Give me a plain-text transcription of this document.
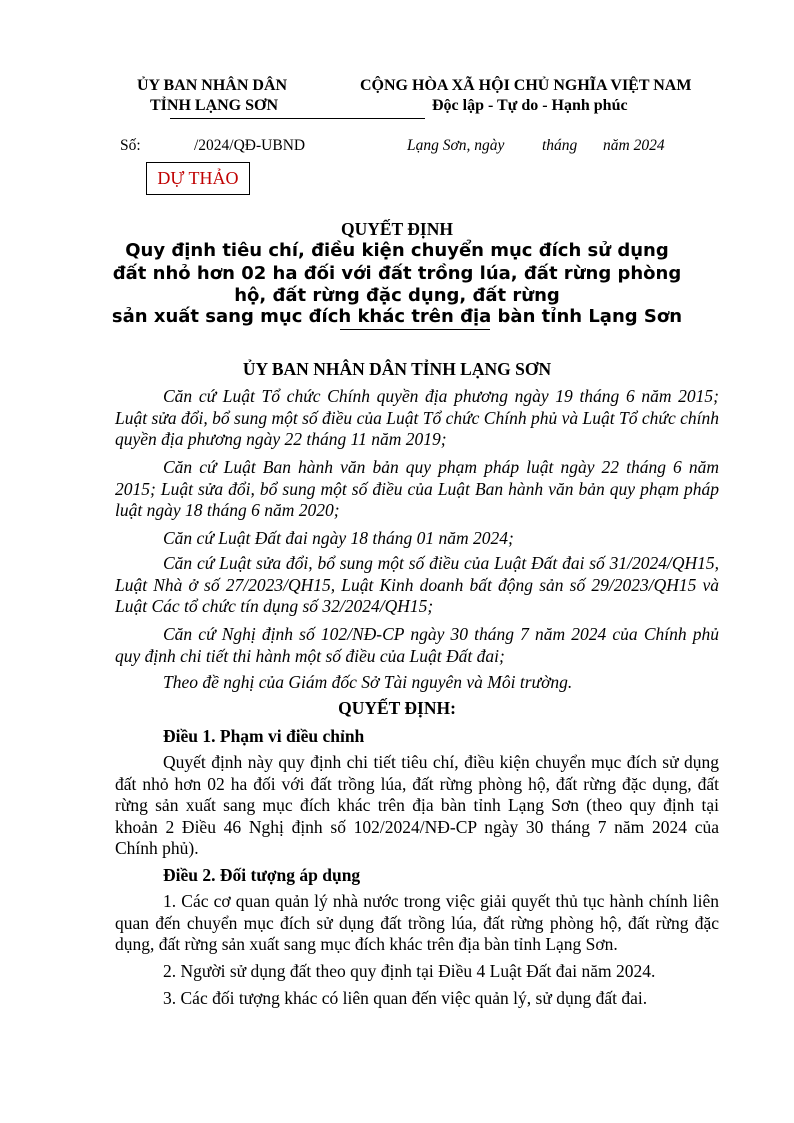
ỦY BAN NHÂN DÂN
TỈNH LẠNG SƠN
CỘNG HÒA XÃ HỘI CHỦ NGHĨA VIỆT NAM
Độc lập - Tự do - Hạnh phúc
Số:	/2024/QĐ-UBND	Lạng Sơn, ngày tháng năm 2024
DỰ THẢO
QUYẾT ĐỊNH
Quy định tiêu chí, điều kiện chuyển mục đích sử dụng
đất nhỏ hơn 02 ha đối với đất trồng lúa, đất rừng phòng
hộ, đất rừng đặc dụng, đất rừng
sản xuất sang mục đích khác trên địa bàn tỉnh Lạng Sơn
ỦY BAN NHÂN DÂN TỈNH LẠNG SƠN

Căn cứ Luật Tổ chức Chính quyền địa phương ngày 19 tháng 6 năm 2015; Luật sửa đổi, bổ sung một số điều của Luật Tổ chức Chính phủ và Luật Tổ chức chính quyền địa phương ngày 22 tháng 11 năm 2019;

Căn cứ Luật Ban hành văn bản quy phạm pháp luật ngày 22 tháng 6 năm 2015; Luật sửa đổi, bổ sung một số điều của Luật Ban hành văn bản quy phạm pháp luật ngày 18 tháng 6 năm 2020;

Căn cứ Luật Đất đai ngày 18 tháng 01 năm 2024;

Căn cứ Luật sửa đổi, bổ sung một số điều của Luật Đất đai số 31/2024/QH15, Luật Nhà ở số 27/2023/QH15, Luật Kinh doanh bất động sản số 29/2023/QH15 và Luật Các tổ chức tín dụng số 32/2024/QH15;

Căn cứ Nghị định số 102/NĐ-CP ngày 30 tháng 7 năm 2024 của Chính phủ quy định chi tiết thi hành một số điều của Luật Đất đai;

Theo đề nghị của Giám đốc Sở Tài nguyên và Môi trường.

QUYẾT ĐỊNH:

Điều 1. Phạm vi điều chỉnh

Quyết định này quy định chi tiết tiêu chí, điều kiện chuyển mục đích sử dụng đất nhỏ hơn 02 ha đối với đất trồng lúa, đất rừng phòng hộ, đất rừng đặc dụng, đất rừng sản xuất sang mục đích khác trên địa bàn tỉnh Lạng Sơn (theo quy định tại khoản 2 Điều 46 Nghị định số 102/2024/NĐ-CP ngày 30 tháng 7 năm 2024 của Chính phủ).

Điều 2. Đối tượng áp dụng

1. Các cơ quan quản lý nhà nước trong việc giải quyết thủ tục hành chính liên quan đến chuyển mục đích sử dụng đất trồng lúa, đất rừng phòng hộ, đất rừng đặc dụng, đất rừng sản xuất sang mục đích khác trên địa bàn tỉnh Lạng Sơn.

2. Người sử dụng đất theo quy định tại Điều 4 Luật Đất đai năm 2024.

3. Các đối tượng khác có liên quan đến việc quản lý, sử dụng đất đai.
